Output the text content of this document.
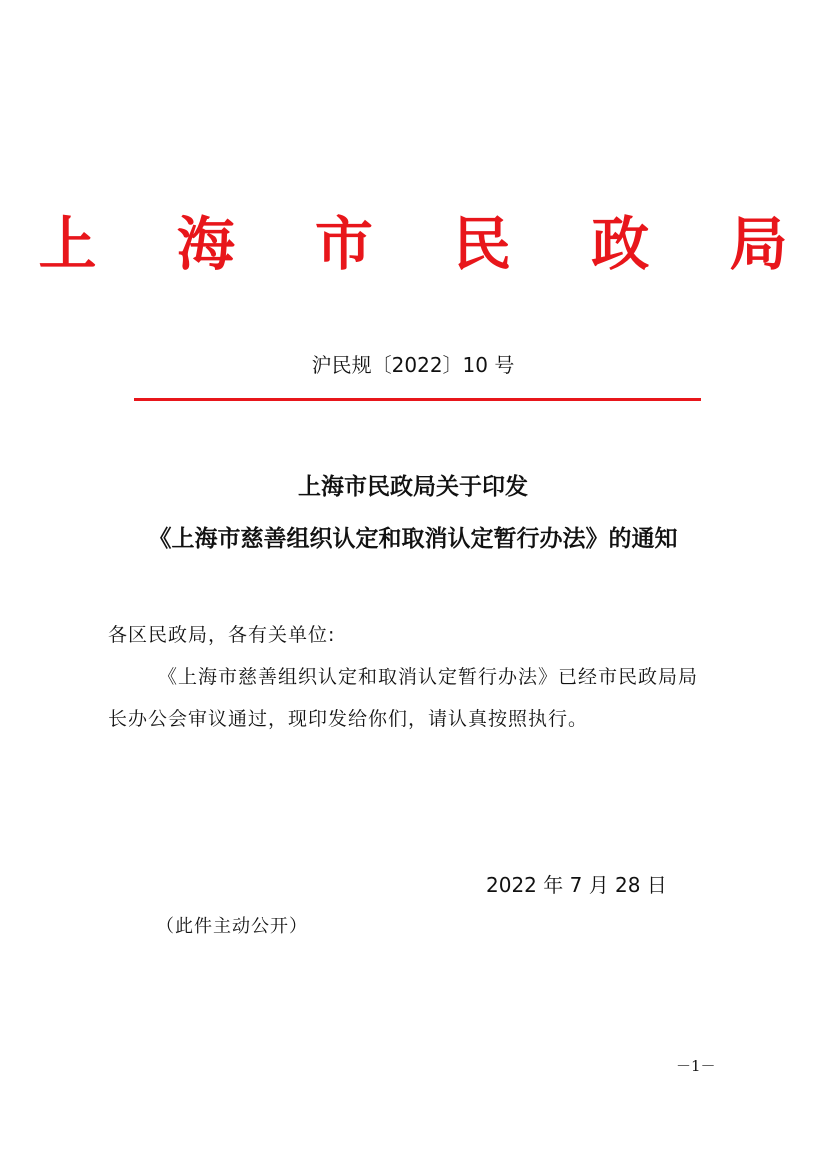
上 海 市 民 政 局
沪民规〔2022〕10 号
上海市民政局关于印发
《上海市慈善组织认定和取消认定暂行办法》的通知
各区民政局，各有关单位:
《上海市慈善组织认定和取消认定暂行办法》已经市民政局局
长办公会审议通过，现印发给你们，请认真按照执行。
2022 年 7 月 28 日
（此件主动公开）
－1－
